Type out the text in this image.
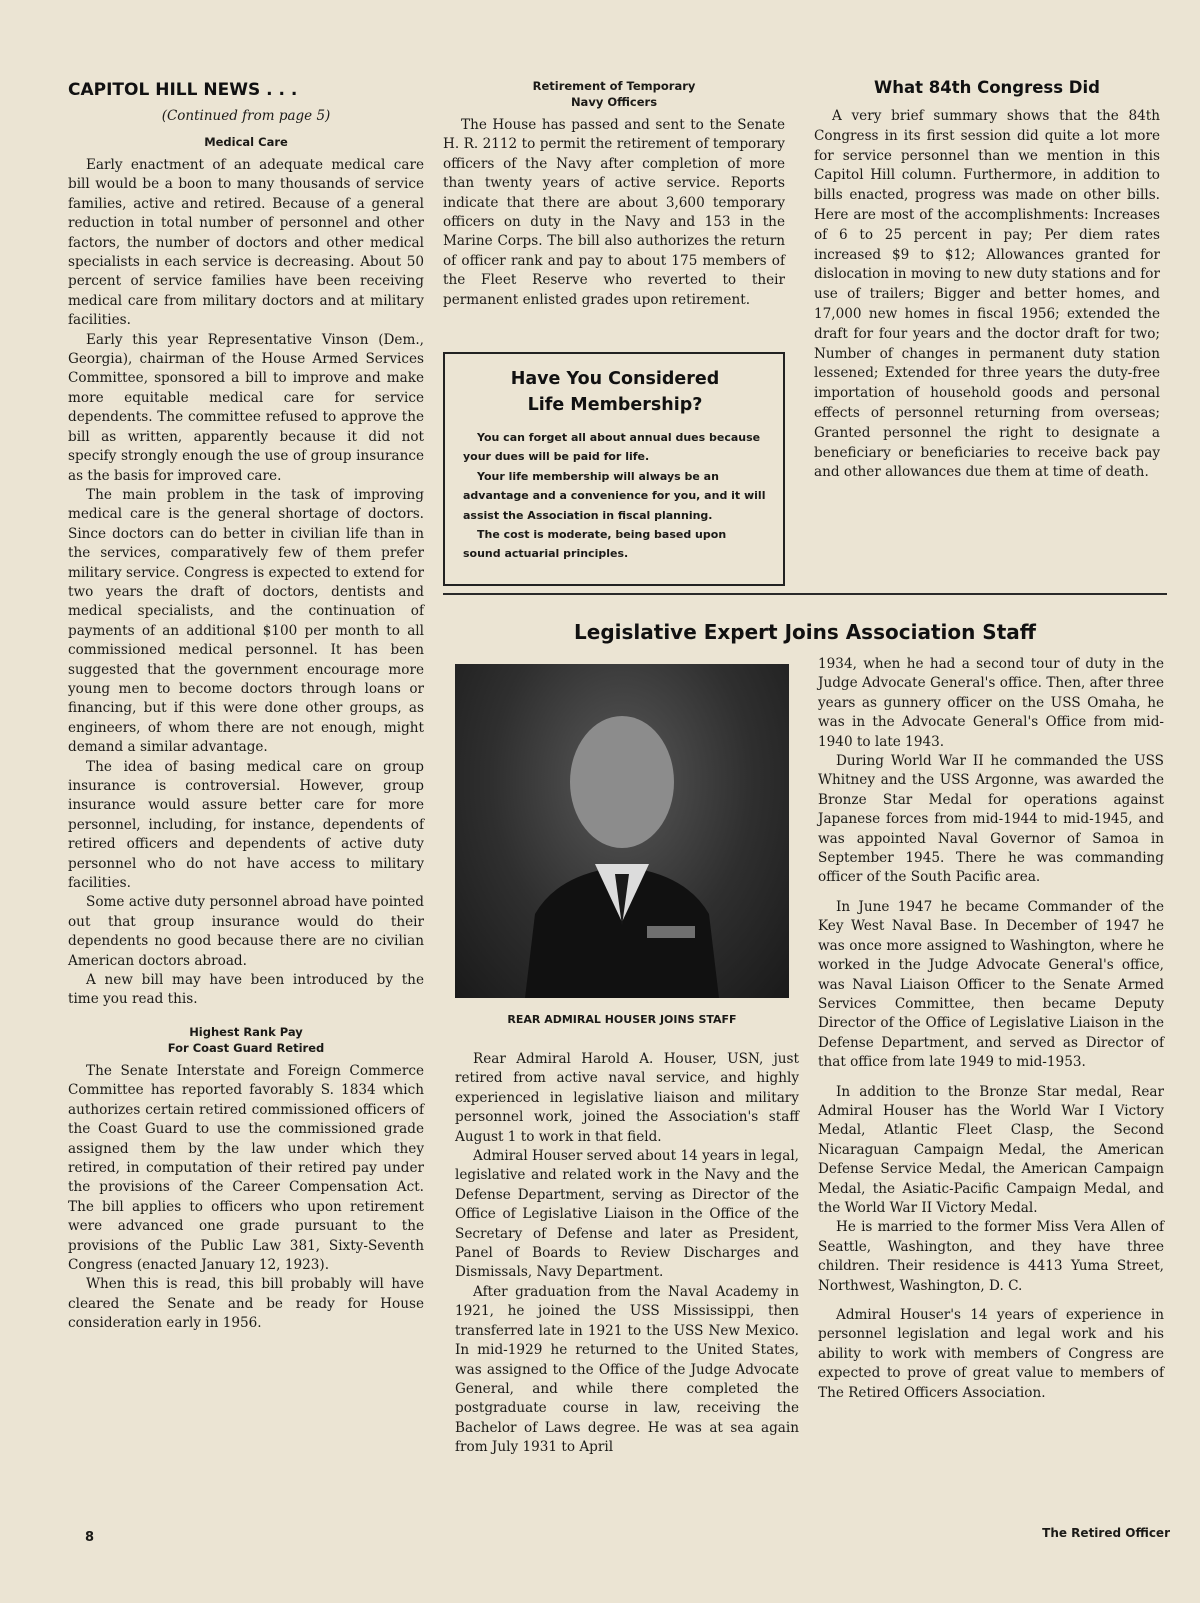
CAPITOL HILL NEWS . . .
(Continued from page 5)
Medical Care

Early enactment of an adequate medical care bill would be a boon to many thousands of service families, active and retired. Because of a general reduction in total number of personnel and other factors, the number of doctors and other medical specialists in each service is decreasing. About 50 percent of service families have been receiving medical care from military doctors and at military facilities.

Early this year Representative Vinson (Dem., Georgia), chairman of the House Armed Services Committee, sponsored a bill to improve and make more equitable medical care for service dependents. The committee refused to approve the bill as written, apparently because it did not specify strongly enough the use of group insurance as the basis for improved care.

The main problem in the task of improving medical care is the general shortage of doctors. Since doctors can do better in civilian life than in the services, comparatively few of them prefer military service. Congress is expected to extend for two years the draft of doctors, dentists and medical specialists, and the continuation of payments of an additional $100 per month to all commissioned medical personnel. It has been suggested that the government encourage more young men to become doctors through loans or financing, but if this were done other groups, as engineers, of whom there are not enough, might demand a similar advantage.

The idea of basing medical care on group insurance is controversial. However, group insurance would assure better care for more personnel, including, for instance, dependents of retired officers and dependents of active duty personnel who do not have access to military facilities.

Some active duty personnel abroad have pointed out that group insurance would do their dependents no good because there are no civilian American doctors abroad.

A new bill may have been introduced by the time you read this.

Highest Rank Pay
For Coast Guard Retired

The Senate Interstate and Foreign Commerce Committee has reported favorably S. 1834 which authorizes certain retired commissioned officers of the Coast Guard to use the commissioned grade assigned them by the law under which they retired, in computation of their retired pay under the provisions of the Career Compensation Act. The bill applies to officers who upon retirement were advanced one grade pursuant to the provisions of the Public Law 381, Sixty-Seventh Congress (enacted January 12, 1923).

When this is read, this bill probably will have cleared the Senate and be ready for House consideration early in 1956.

Retirement of Temporary
Navy Officers

The House has passed and sent to the Senate H. R. 2112 to permit the retirement of temporary officers of the Navy after completion of more than twenty years of active service. Reports indicate that there are about 3,600 temporary officers on duty in the Navy and 153 in the Marine Corps. The bill also authorizes the return of officer rank and pay to about 175 members of the Fleet Reserve who reverted to their permanent enlisted grades upon retirement.

Have You Considered
Life Membership?

You can forget all about annual dues because your dues will be paid for life.

Your life membership will always be an advantage and a convenience for you, and it will assist the Association in fiscal planning.

The cost is moderate, being based upon sound actuarial principles.

What 84th Congress Did

A very brief summary shows that the 84th Congress in its first session did quite a lot more for service personnel than we mention in this Capitol Hill column. Furthermore, in addition to bills enacted, progress was made on other bills. Here are most of the accomplishments: Increases of 6 to 25 percent in pay; Per diem rates increased $9 to $12; Allowances granted for dislocation in moving to new duty stations and for use of trailers; Bigger and better homes, and 17,000 new homes in fiscal 1956; extended the draft for four years and the doctor draft for two; Number of changes in permanent duty station lessened; Extended for three years the duty-free importation of household goods and personal effects of personnel returning from overseas; Granted personnel the right to designate a beneficiary or beneficiaries to receive back pay and other allowances due them at time of death.

Legislative Expert Joins Association Staff
REAR ADMIRAL HOUSER JOINS STAFF

Rear Admiral Harold A. Houser, USN, just retired from active naval service, and highly experienced in legislative liaison and military personnel work, joined the Association's staff August 1 to work in that field.

Admiral Houser served about 14 years in legal, legislative and related work in the Navy and the Defense Department, serving as Director of the Office of Legislative Liaison in the Office of the Secretary of Defense and later as President, Panel of Boards to Review Discharges and Dismissals, Navy Department.

After graduation from the Naval Academy in 1921, he joined the USS Mississippi, then transferred late in 1921 to the USS New Mexico. In mid-1929 he returned to the United States, was assigned to the Office of the Judge Advocate General, and while there completed the postgraduate course in law, receiving the Bachelor of Laws degree. He was at sea again from July 1931 to April

1934, when he had a second tour of duty in the Judge Advocate General's office. Then, after three years as gunnery officer on the USS Omaha, he was in the Advocate General's Office from mid-1940 to late 1943.

During World War II he commanded the USS Whitney and the USS Argonne, was awarded the Bronze Star Medal for operations against Japanese forces from mid-1944 to mid-1945, and was appointed Naval Governor of Samoa in September 1945. There he was commanding officer of the South Pacific area.

In June 1947 he became Commander of the Key West Naval Base. In December of 1947 he was once more assigned to Washington, where he worked in the Judge Advocate General's office, was Naval Liaison Officer to the Senate Armed Services Committee, then became Deputy Director of the Office of Legislative Liaison in the Defense Department, and served as Director of that office from late 1949 to mid-1953.

In addition to the Bronze Star medal, Rear Admiral Houser has the World War I Victory Medal, Atlantic Fleet Clasp, the Second Nicaraguan Campaign Medal, the American Defense Service Medal, the American Campaign Medal, the Asiatic-Pacific Campaign Medal, and the World War II Victory Medal.

He is married to the former Miss Vera Allen of Seattle, Washington, and they have three children. Their residence is 4413 Yuma Street, Northwest, Washington, D. C.

Admiral Houser's 14 years of experience in personnel legislation and legal work and his ability to work with members of Congress are expected to prove of great value to members of The Retired Officers Association.

8	The Retired Officer
